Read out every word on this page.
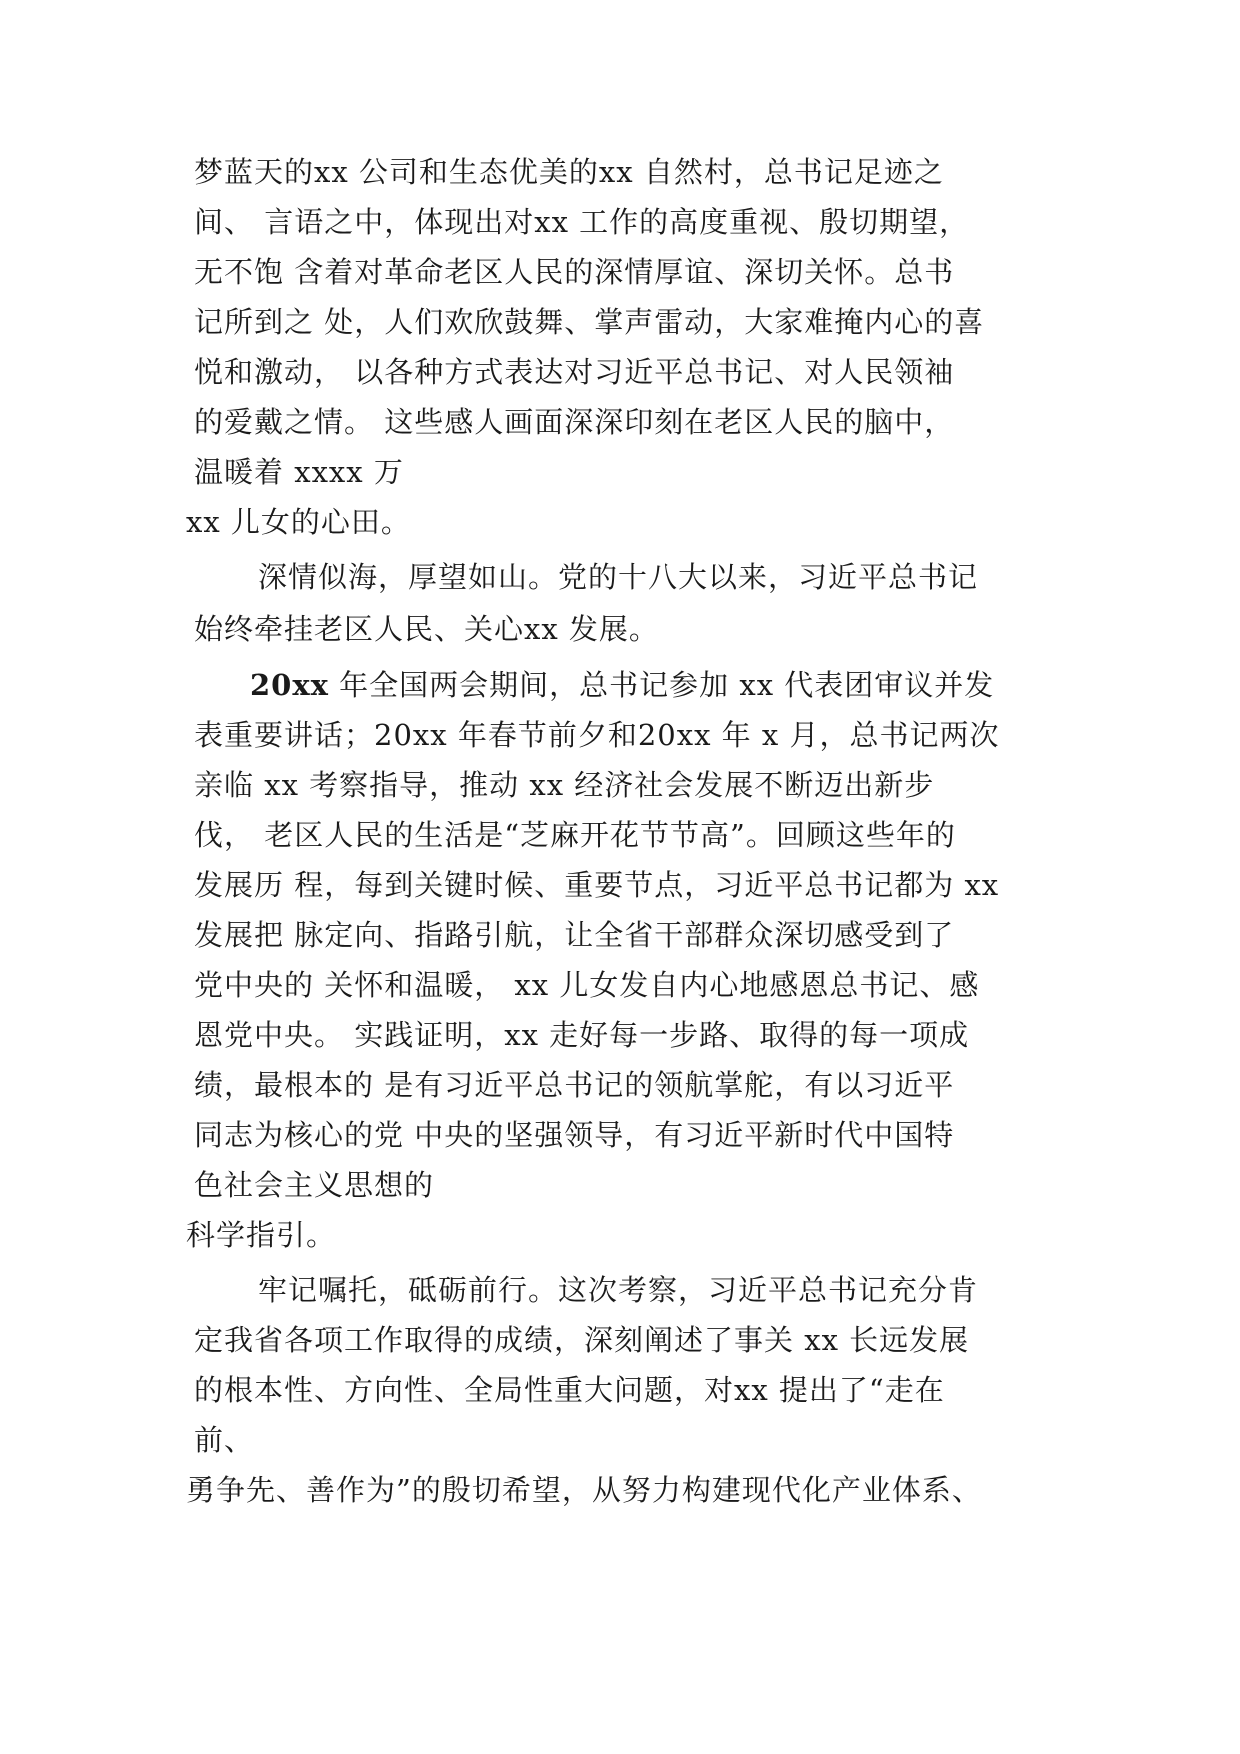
梦蓝天的xx 公司和生态优美的xx 自然村，总书记足迹之
间、 言语之中，体现出对xx 工作的高度重视、殷切期望，
无不饱 含着对革命老区人民的深情厚谊、深切关怀。总书
记所到之 处，人们欢欣鼓舞、掌声雷动，大家难掩内心的喜
悦和激动， 以各种方式表达对习近平总书记、对人民领袖
的爱戴之情。 这些感人画面深深印刻在老区人民的脑中，
温暖着 xxxx 万
xx 儿女的心田。
深情似海，厚望如山。党的十八大以来，习近平总书记
始终牵挂老区人民、关心xx 发展。
20xx 年全国两会期间，总书记参加 xx 代表团审议并发
表重要讲话；20xx 年春节前夕和20xx 年 x 月，总书记两次
亲临 xx 考察指导，推动 xx 经济社会发展不断迈出新步
伐， 老区人民的生活是“芝麻开花节节高”。回顾这些年的
发展历 程，每到关键时候、重要节点，习近平总书记都为 xx
发展把 脉定向、指路引航，让全省干部群众深切感受到了
党中央的 关怀和温暖， xx 儿女发自内心地感恩总书记、感
恩党中央。 实践证明，xx 走好每一步路、取得的每一项成
绩，最根本的 是有习近平总书记的领航掌舵，有以习近平
同志为核心的党 中央的坚强领导，有习近平新时代中国特
色社会主义思想的
科学指引。
牢记嘱托，砥砺前行。这次考察，习近平总书记充分肯
定我省各项工作取得的成绩，深刻阐述了事关 xx 长远发展
的根本性、方向性、全局性重大问题，对xx 提出了“走在
前、
勇争先、善作为”的殷切希望，从努力构建现代化产业体系、
